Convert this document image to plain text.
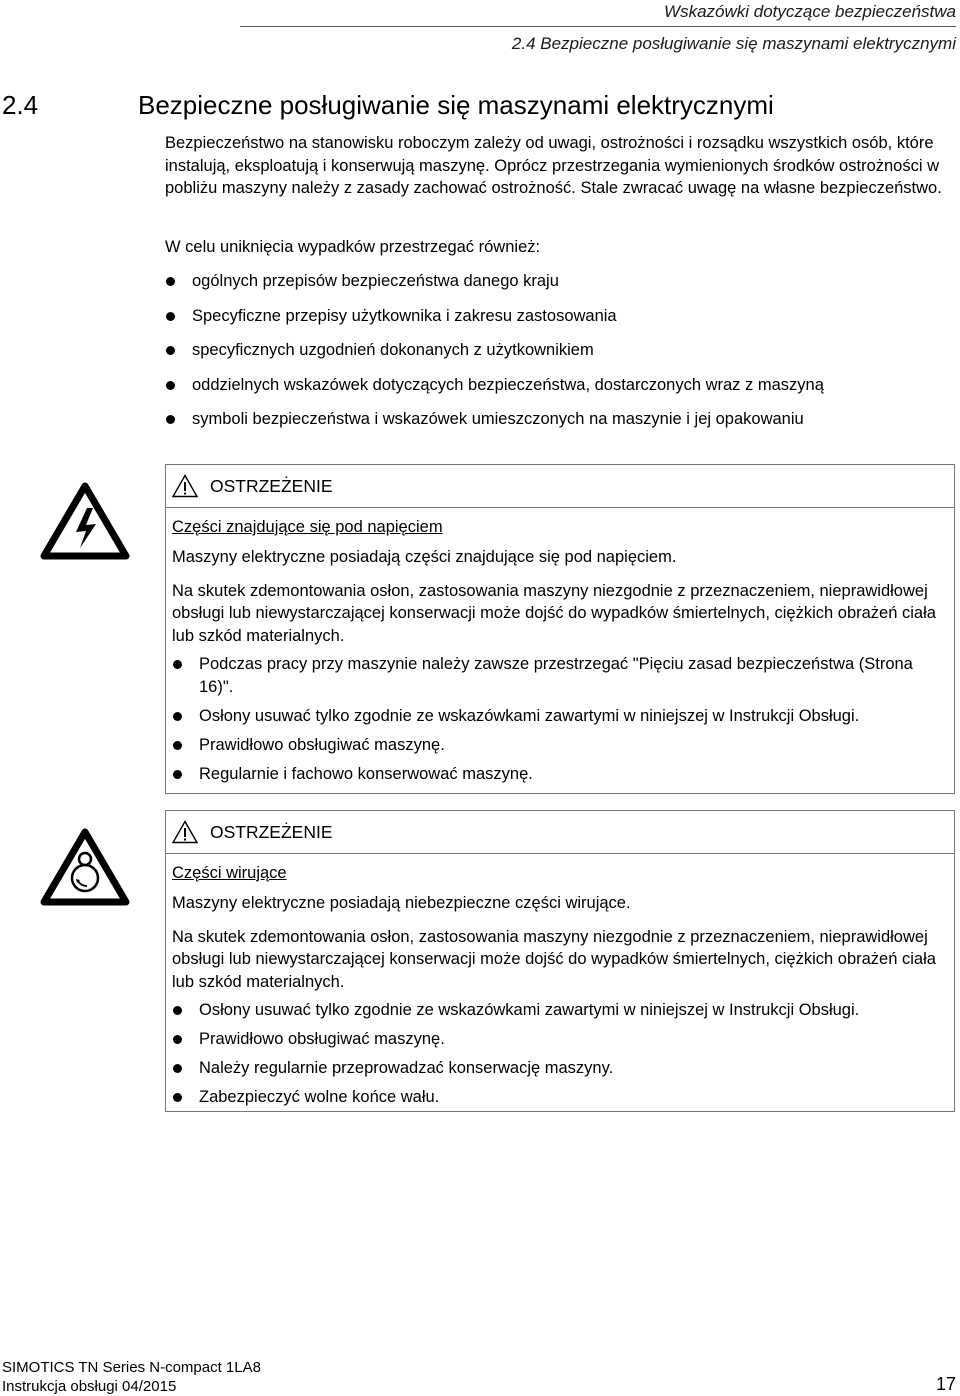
Wskazówki dotyczące bezpieczeństwa
2.4 Bezpieczne posługiwanie się maszynami elektrycznymi
2.4	Bezpieczne posługiwanie się maszynami elektrycznymi
Bezpieczeństwo na stanowisku roboczym zależy od uwagi, ostrożności i rozsądku wszystkich osób, które instalują, eksploatują i konserwują maszynę. Oprócz przestrzegania wymienionych środków ostrożności w pobliżu maszyny należy z zasady zachować ostrożność. Stale zwracać uwagę na własne bezpieczeństwo.
W celu uniknięcia wypadków przestrzegać również:
ogólnych przepisów bezpieczeństwa danego kraju
Specyficzne przepisy użytkownika i zakresu zastosowania
specyficznych uzgodnień dokonanych z użytkownikiem
oddzielnych wskazówek dotyczących bezpieczeństwa, dostarczonych wraz z maszyną
symboli bezpieczeństwa i wskazówek umieszczonych na maszynie i jej opakowaniu
OSTRZEŻENIE
Części znajdujące się pod napięciem

Maszyny elektryczne posiadają części znajdujące się pod napięciem.

Na skutek zdemontowania osłon, zastosowania maszyny niezgodnie z przeznaczeniem, nieprawidłowej obsługi lub niewystarczającej konserwacji może dojść do wypadków śmiertelnych, ciężkich obrażeń ciała lub szkód materialnych.

Podczas pracy przy maszynie należy zawsze przestrzegać "Pięciu zasad bezpieczeństwa (Strona 16)".
Osłony usuwać tylko zgodnie ze wskazówkami zawartymi w niniejszej w Instrukcji Obsługi.
Prawidłowo obsługiwać maszynę.
Regularnie i fachowo konserwować maszynę.
OSTRZEŻENIE
Części wirujące

Maszyny elektryczne posiadają niebezpieczne części wirujące.

Na skutek zdemontowania osłon, zastosowania maszyny niezgodnie z przeznaczeniem, nieprawidłowej obsługi lub niewystarczającej konserwacji może dojść do wypadków śmiertelnych, ciężkich obrażeń ciała lub szkód materialnych.

Osłony usuwać tylko zgodnie ze wskazówkami zawartymi w niniejszej w Instrukcji Obsługi.
Prawidłowo obsługiwać maszynę.
Należy regularnie przeprowadzać konserwację maszyny.
Zabezpieczyć wolne końce wału.
SIMOTICS TN Series N-compact 1LA8
Instrukcja obsługi 04/2015	17
